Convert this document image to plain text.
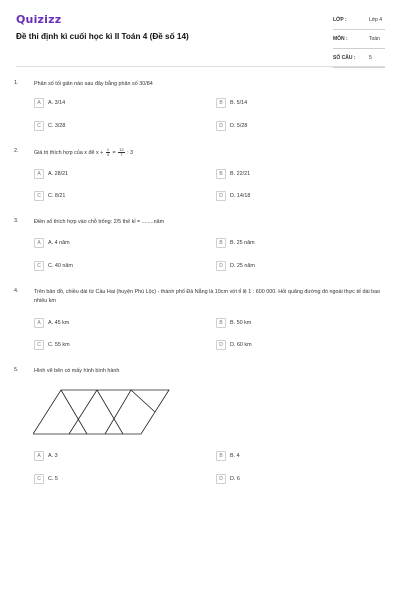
Quizizz
Đề thi định kì cuối học kì II Toán 4 (Đề số 14)
LỚP :	Lớp 4
MÔN :	Toán
SỐ CÂU :	5
1.	Phân số tối giản nào sau đây bằng phân số 30/84
A	A. 3/14	B	B. 5/14
C	C. 3/28	D	D. 5/28
2.	Giá trị thích hợp của x để $x + \frac{1}{3} = \frac{12}{7}$ : 3
A	A. 28/21	B	B. 22/21
C	C. 8/21	D	D. 14/18
3.	Điền số thích hợp vào chỗ trống: 2/5 thế kỉ = ........năm
A	A. 4 năm	B	B. 25 năm
C	C. 40 năm	D	D. 25 năm
4.	Trên bản đồ, chiều dài từ Cầu Hai (huyện Phú Lộc) - thành phố Đà Nẵng là 10cm với tỉ lệ 1 : 600 000. Hỏi quãng đường đó ngoài thực tế dài bao nhiêu km
A	A. 45 km	B	B. 50 km
C	C. 55 km	D	D. 60 km
5.	Hình vẽ bên có mấy hình bình hành
A	A. 3	B	B. 4
C	C. 5	D	D. 6
